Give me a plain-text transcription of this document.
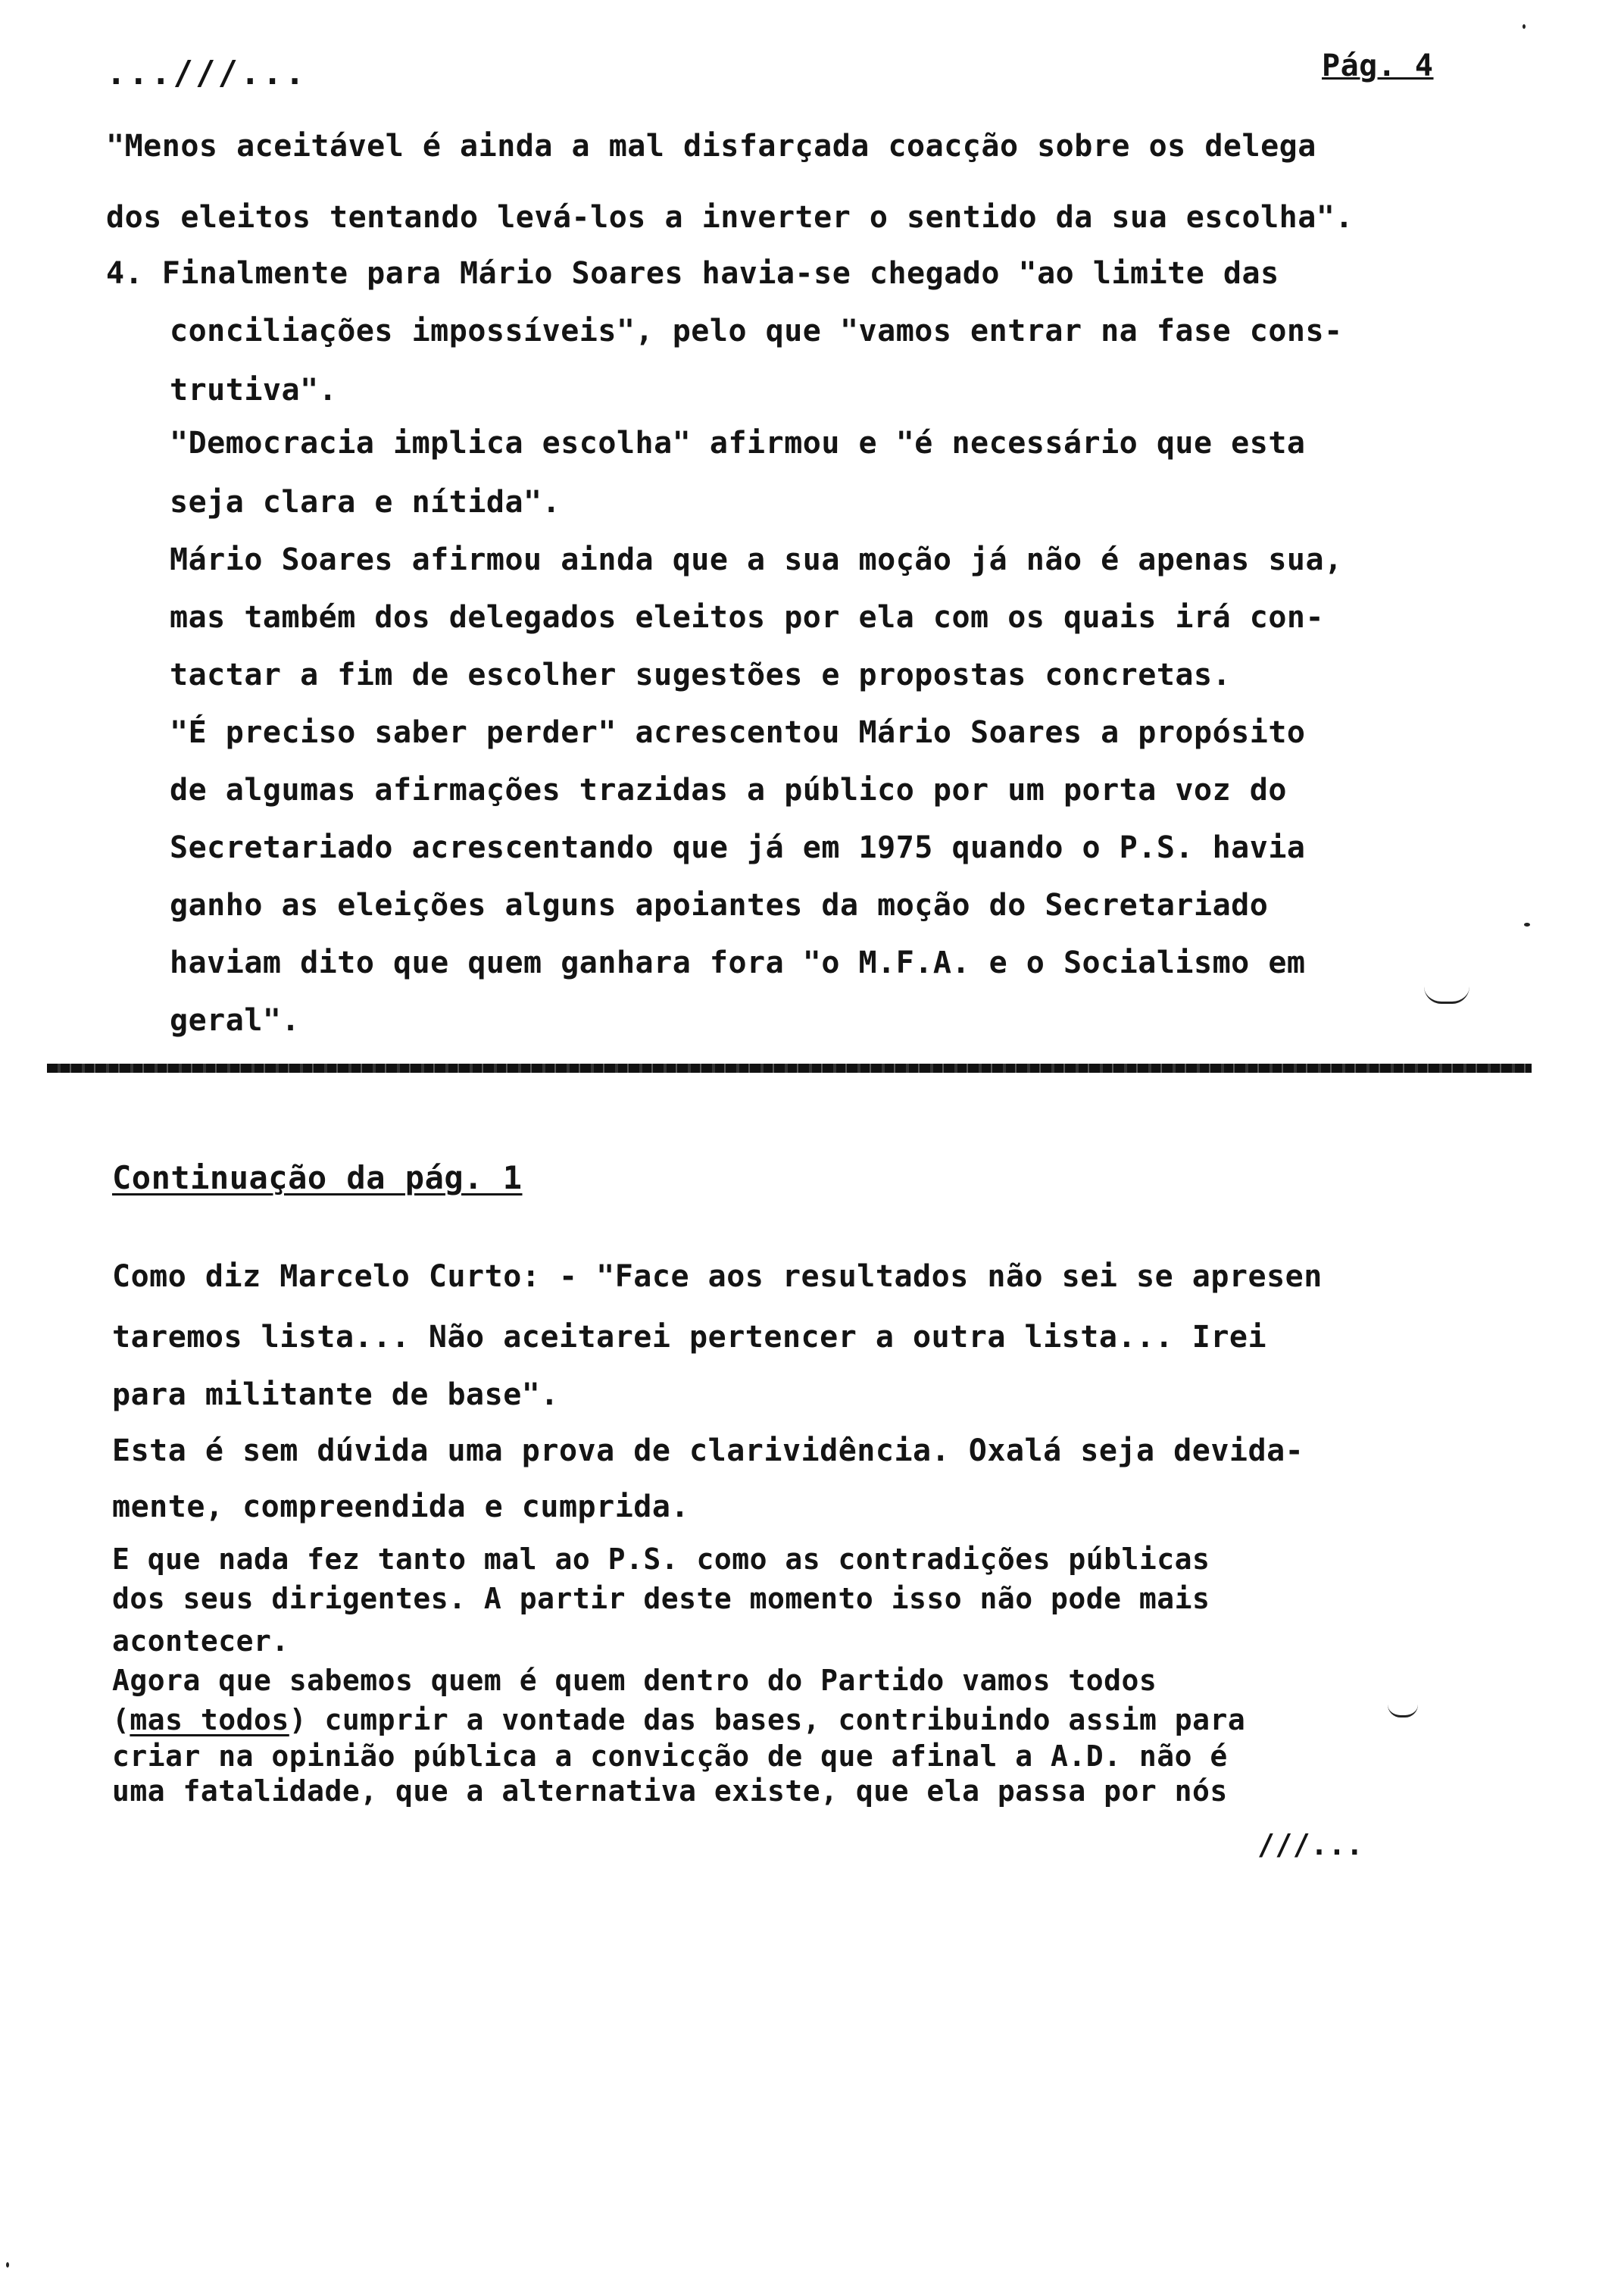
...///...	Pág. 4
"Menos aceitável é ainda a mal disfarçada coacção sobre os delega
dos eleitos tentando levá-los a inverter o sentido da sua escolha".
4. Finalmente para Mário Soares havia-se chegado "ao limite das
conciliações impossíveis", pelo que "vamos entrar na fase cons-
trutiva".
"Democracia implica escolha" afirmou e "é necessário que esta
seja clara e nítida".
Mário Soares afirmou ainda que a sua moção já não é apenas sua,
mas também dos delegados eleitos por ela com os quais irá con-
tactar a fim de escolher sugestões e propostas concretas.
"É preciso saber perder" acrescentou Mário Soares a propósito
de algumas afirmações trazidas a público por um porta voz do
Secretariado acrescentando que já em 1975 quando o P.S. havia
ganho as eleições alguns apoiantes da moção do Secretariado
haviam dito que quem ganhara fora "o M.F.A. e o Socialismo em
geral".
Continuação da pág. 1
Como diz Marcelo Curto: - "Face aos resultados não sei se apresen
taremos lista... Não aceitarei pertencer a outra lista... Irei
para militante de base".
Esta é sem dúvida uma prova de clarividência. Oxalá seja devida-
mente, compreendida e cumprida.
E que nada fez tanto mal ao P.S. como as contradições públicas
dos seus dirigentes. A partir deste momento isso não pode mais
acontecer.
Agora que sabemos quem é quem dentro do Partido vamos todos
(mas todos) cumprir a vontade das bases, contribuindo assim para
criar na opinião pública a convicção de que afinal a A.D. não é
uma fatalidade, que a alternativa existe, que ela passa por nós
///...
